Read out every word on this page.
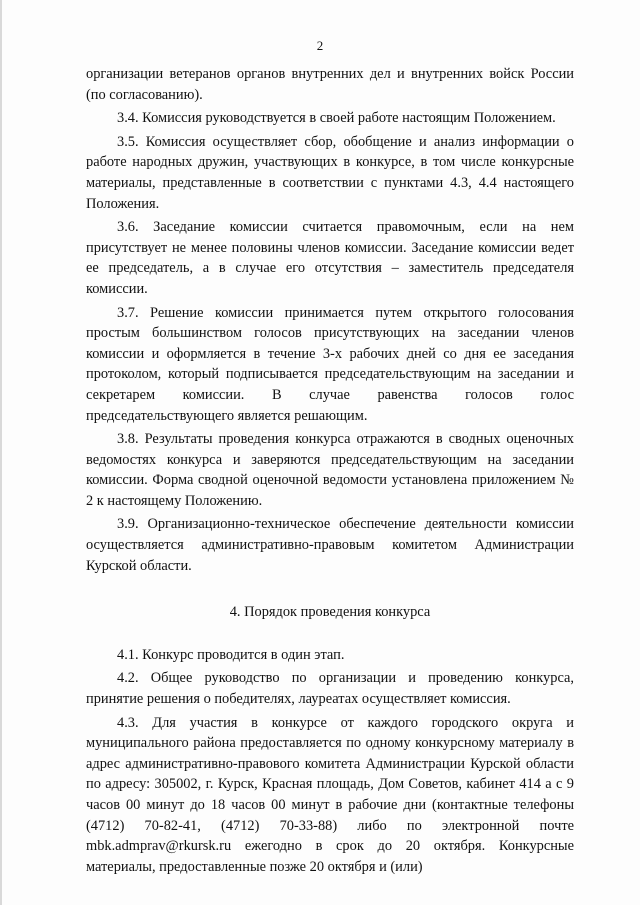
2

организации ветеранов органов внутренних дел и внутренних войск России (по согласованию).

3.4. Комиссия руководствуется в своей работе настоящим Положением.

3.5. Комиссия осуществляет сбор, обобщение и анализ информации о работе народных дружин, участвующих в конкурсе, в том числе конкурсные материалы, представленные в соответствии с пунктами 4.3, 4.4 настоящего Положения.

3.6. Заседание комиссии считается правомочным, если на нем присутствует не менее половины членов комиссии. Заседание комиссии ведет ее председатель, а в случае его отсутствия – заместитель председателя комиссии.

3.7. Решение комиссии принимается путем открытого голосования простым большинством голосов присутствующих на заседании членов комиссии и оформляется в течение 3-х рабочих дней со дня ее заседания протоколом, который подписывается председательствующим на заседании и секретарем комиссии. В случае равенства голосов голос председательствующего является решающим.

3.8. Результаты проведения конкурса отражаются в сводных оценочных ведомостях конкурса и заверяются председательствующим на заседании комиссии. Форма сводной оценочной ведомости установлена приложением № 2 к настоящему Положению.

3.9. Организационно-техническое обеспечение деятельности комиссии осуществляется административно-правовым комитетом Администрации Курской области.

4. Порядок проведения конкурса

4.1. Конкурс проводится в один этап.

4.2. Общее руководство по организации и проведению конкурса, принятие решения о победителях, лауреатах осуществляет комиссия.

4.3. Для участия в конкурсе от каждого городского округа и муниципального района предоставляется по одному конкурсному материалу в адрес административно-правового комитета Администрации Курской области по адресу: 305002, г. Курск, Красная площадь, Дом Советов, кабинет 414 а с 9 часов 00 минут до 18 часов 00 минут в рабочие дни (контактные телефоны (4712) 70-82-41, (4712) 70-33-88) либо по электронной почте mbk.admprav@rkursk.ru ежегодно в срок до 20 октября. Конкурсные материалы, предоставленные позже 20 октября и (или)
